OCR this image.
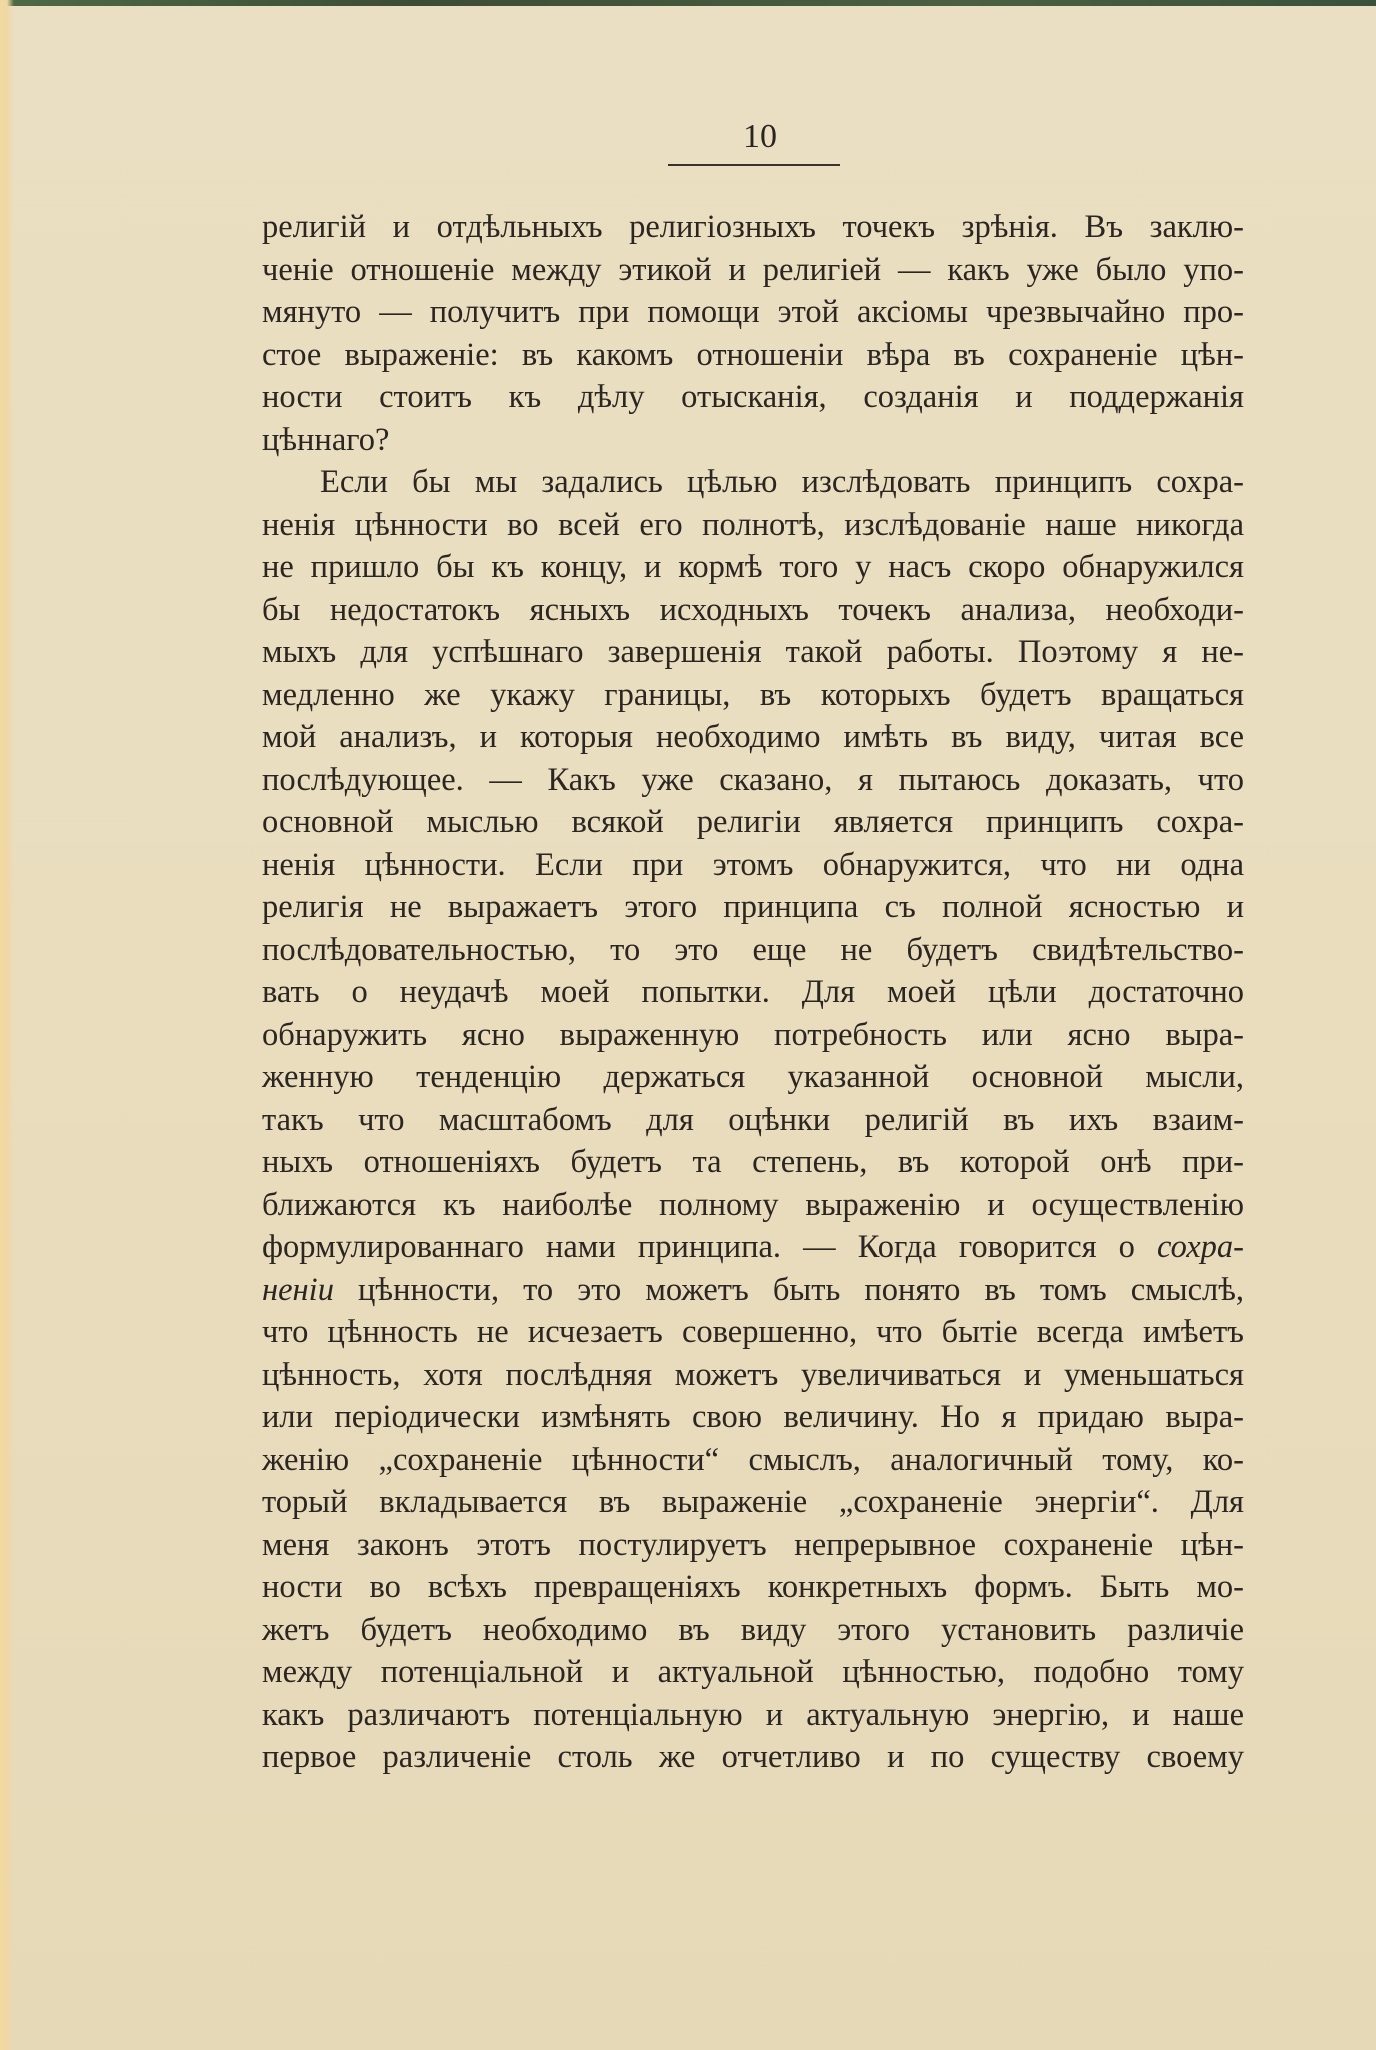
10
религій и отдѣльныхъ религіозныхъ точекъ зрѣнія. Въ заклю-
ченіе отношеніе между этикой и религіей — какъ уже было упо-
мянуто — получитъ при помощи этой аксіомы чрезвычайно про-
стое выраженіе: въ какомъ отношеніи вѣра въ сохраненіе цѣн-
ности стоитъ къ дѣлу отысканія, созданія и поддержанія
цѣннаго?
Если бы мы задались цѣлью изслѣдовать принципъ сохра-
ненія цѣнности во всей его полнотѣ, изслѣдованіе наше никогда
не пришло бы къ концу, и кормѣ того у насъ скоро обнаружился
бы недостатокъ ясныхъ исходныхъ точекъ анализа, необходи-
мыхъ для успѣшнаго завершенія такой работы. Поэтому я не-
медленно же укажу границы, въ которыхъ будетъ вращаться
мой анализъ, и которыя необходимо имѣть въ виду, читая все
послѣдующее. — Какъ уже сказано, я пытаюсь доказать, что
основной мыслью всякой религіи является принципъ сохра-
ненія цѣнности. Если при этомъ обнаружится, что ни одна
религія не выражаетъ этого принципа съ полной ясностью и
послѣдовательностью, то это еще не будетъ свидѣтельство-
вать о неудачѣ моей попытки. Для моей цѣли достаточно
обнаружить ясно выраженную потребность или ясно выра-
женную тенденцію держаться указанной основной мысли,
такъ что масштабомъ для оцѣнки религій въ ихъ взаим-
ныхъ отношеніяхъ будетъ та степень, въ которой онѣ при-
ближаются къ наиболѣе полному выраженію и осуществленію
формулированнаго нами принципа. — Когда говорится о сохра-
неніи цѣнности, то это можетъ быть понято въ томъ смыслѣ,
что цѣнность не исчезаетъ совершенно, что бытіе всегда имѣетъ
цѣнность, хотя послѣдняя можетъ увеличиваться и уменьшаться
или періодически измѣнять свою величину. Но я придаю выра-
женію „сохраненіе цѣнности“ смыслъ, аналогичный тому, ко-
торый вкладывается въ выраженіе „сохраненіе энергіи“. Для
меня законъ этотъ постулируетъ непрерывное сохраненіе цѣн-
ности во всѣхъ превращеніяхъ конкретныхъ формъ. Быть мо-
жетъ будетъ необходимо въ виду этого установить различіе
между потенціальной и актуальной цѣнностью, подобно тому
какъ различаютъ потенціальную и актуальную энергію, и наше
первое различеніе столь же отчетливо и по существу своему
